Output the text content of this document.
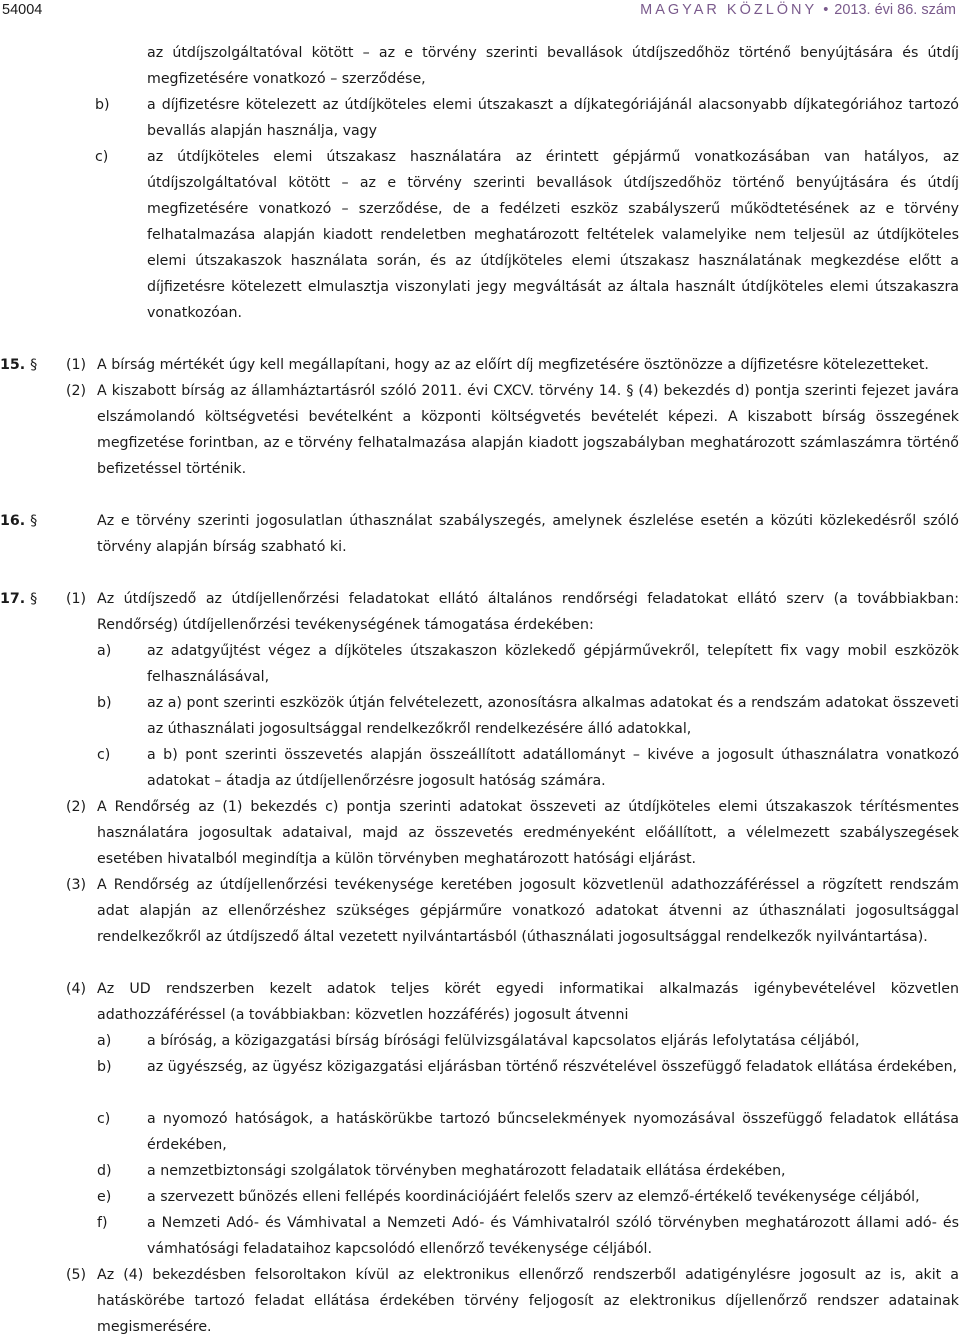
54004	MAGYAR KÖZLÖNY • 2013. évi 86. szám
az útdíjszolgáltatóval kötött – az e törvény szerinti bevallások útdíjszedőhöz történő benyújtására és útdíj megfizetésére vonatkozó – szerződése,
b)	a díjfizetésre kötelezett az útdíjköteles elemi útszakaszt a díjkategóriájánál alacsonyabb díjkategóriához tartozó bevallás alapján használja, vagy
c)	az útdíjköteles elemi útszakasz használatára az érintett gépjármű vonatkozásában van hatályos, az útdíjszolgáltatóval kötött – az e törvény szerinti bevallások útdíjszedőhöz történő benyújtására és útdíj megfizetésére vonatkozó – szerződése, de a fedélzeti eszköz szabályszerű működtetésének az e törvény felhatalmazása alapján kiadott rendeletben meghatározott feltételek valamelyike nem teljesül az útdíjköteles elemi útszakaszok használata során, és az útdíjköteles elemi útszakasz használatának megkezdése előtt a díjfizetésre kötelezett elmulasztja viszonylati jegy megváltását az általa használt útdíjköteles elemi útszakaszra vonatkozóan.
15. § (1) A bírság mértékét úgy kell megállapítani, hogy az az előírt díj megfizetésére ösztönözze a díjfizetésre kötelezetteket.
(2) A kiszabott bírság az államháztartásról szóló 2011. évi CXCV. törvény 14. § (4) bekezdés d) pontja szerinti fejezet javára elszámolandó költségvetési bevételként a központi költségvetés bevételét képezi. A kiszabott bírság összegének megfizetése forintban, az e törvény felhatalmazása alapján kiadott jogszabályban meghatározott számlaszámra történő befizetéssel történik.
16. §	Az e törvény szerinti jogosulatlan úthasználat szabályszegés, amelynek észlelése esetén a közúti közlekedésről szóló törvény alapján bírság szabható ki.
17. § (1) Az útdíjszedő az útdíjellenőrzési feladatokat ellátó általános rendőrségi feladatokat ellátó szerv (a továbbiakban: Rendőrség) útdíjellenőrzési tevékenységének támogatása érdekében:
a)	az adatgyűjtést végez a díjköteles útszakaszon közlekedő gépjárművekről, telepített fix vagy mobil eszközök felhasználásával,
b) az a) pont szerinti eszközök útján felvételezett, azonosításra alkalmas adatokat és a rendszám adatokat összeveti az úthasználati jogosultsággal rendelkezőkről rendelkezésére álló adatokkal,
c)	a b) pont szerinti összevetés alapján összeállított adatállományt – kivéve a jogosult úthasználatra vonatkozó adatokat – átadja az útdíjellenőrzésre jogosult hatóság számára.
(2) A Rendőrség az (1) bekezdés c) pontja szerinti adatokat összeveti az útdíjköteles elemi útszakaszok térítésmentes használatára jogosultak adataival, majd az összevetés eredményeként előállított, a vélelmezett szabályszegések esetében hivatalból megindítja a külön törvényben meghatározott hatósági eljárást.
(3) A Rendőrség az útdíjellenőrzési tevékenysége keretében jogosult közvetlenül adathozzáféréssel a rögzített rendszám adat alapján az ellenőrzéshez szükséges gépjárműre vonatkozó adatokat átvenni az úthasználati jogosultsággal rendelkezőkről az útdíjszedő által vezetett nyilvántartásból (úthasználati jogosultsággal rendelkezők nyilvántartása).
(4) Az UD rendszerben kezelt adatok teljes körét egyedi informatikai alkalmazás igénybevételével közvetlen adathozzáféréssel (a továbbiakban: közvetlen hozzáférés) jogosult átvenni
a)	a bíróság, a közigazgatási bírság bírósági felülvizsgálatával kapcsolatos eljárás lefolytatása céljából,
b) az ügyészség, az ügyész közigazgatási eljárásban történő részvételével összefüggő feladatok ellátása érdekében,
c)	a nyomozó hatóságok, a hatáskörükbe tartozó bűncselekmények nyomozásával összefüggő feladatok ellátása érdekében,
d) a nemzetbiztonsági szolgálatok törvényben meghatározott feladataik ellátása érdekében,
e)	a szervezett bűnözés elleni fellépés koordinációjáért felelős szerv az elemző-értékelő tevékenysége céljából,
f)	a Nemzeti Adó- és Vámhivatal a Nemzeti Adó- és Vámhivatalról szóló törvényben meghatározott állami adó- és vámhatósági feladataihoz kapcsolódó ellenőrző tevékenysége céljából.
(5) Az (4) bekezdésben felsoroltakon kívül az elektronikus ellenőrző rendszerből adatigénylésre jogosult az is, akit a hatáskörébe tartozó feladat ellátása érdekében törvény feljogosít az elektronikus díjellenőrző rendszer adatainak megismerésére.
